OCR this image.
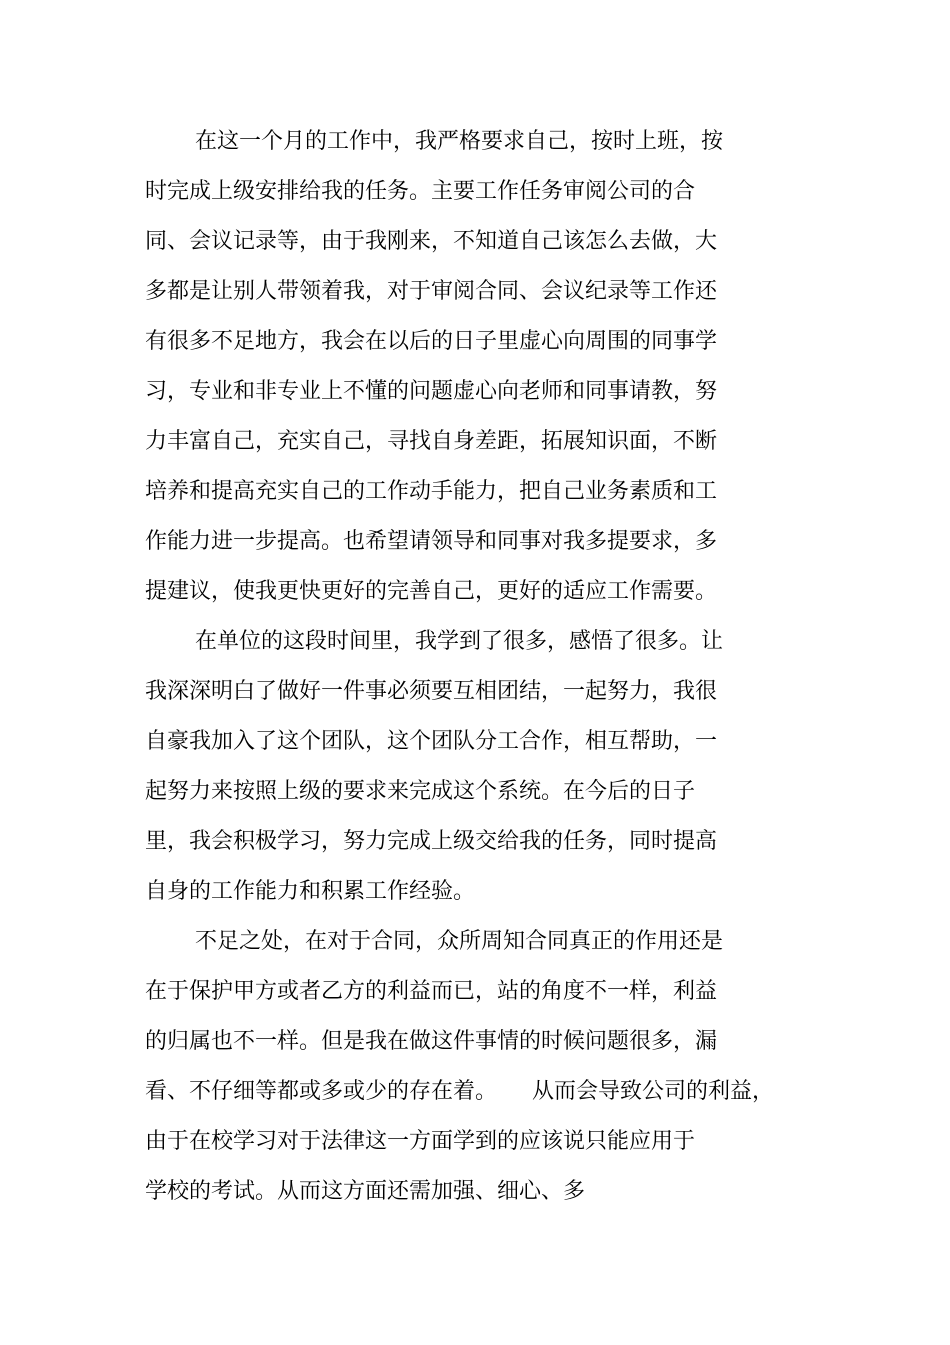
在这一个月的工作中，我严格要求自己，按时上班，按
时完成上级安排给我的任务。主要工作任务审阅公司的合
同、会议记录等，由于我刚来，不知道自己该怎么去做，大
多都是让别人带领着我，对于审阅合同、会议纪录等工作还
有很多不足地方，我会在以后的日子里虚心向周围的同事学
习，专业和非专业上不懂的问题虚心向老师和同事请教，努
力丰富自己，充实自己，寻找自身差距，拓展知识面，不断
培养和提高充实自己的工作动手能力，把自己业务素质和工
作能力进一步提高。也希望请领导和同事对我多提要求，多
提建议，使我更快更好的完善自己，更好的适应工作需要。
在单位的这段时间里，我学到了很多，感悟了很多。让
我深深明白了做好一件事必须要互相团结，一起努力，我很
自豪我加入了这个团队，这个团队分工合作，相互帮助，一
起努力来按照上级的要求来完成这个系统。在今后的日子
里，我会积极学习，努力完成上级交给我的任务，同时提高
自身的工作能力和积累工作经验。
不足之处，在对于合同，众所周知合同真正的作用还是
在于保护甲方或者乙方的利益而已，站的角度不一样，利益
的归属也不一样。但是我在做这件事情的时候问题很多，漏
看、不仔细等都或多或少的存在着。     从而会导致公司的利益，
由于在校学习对于法律这一方面学到的应该说只能应用于
学校的考试。从而这方面还需加强、细心、多
